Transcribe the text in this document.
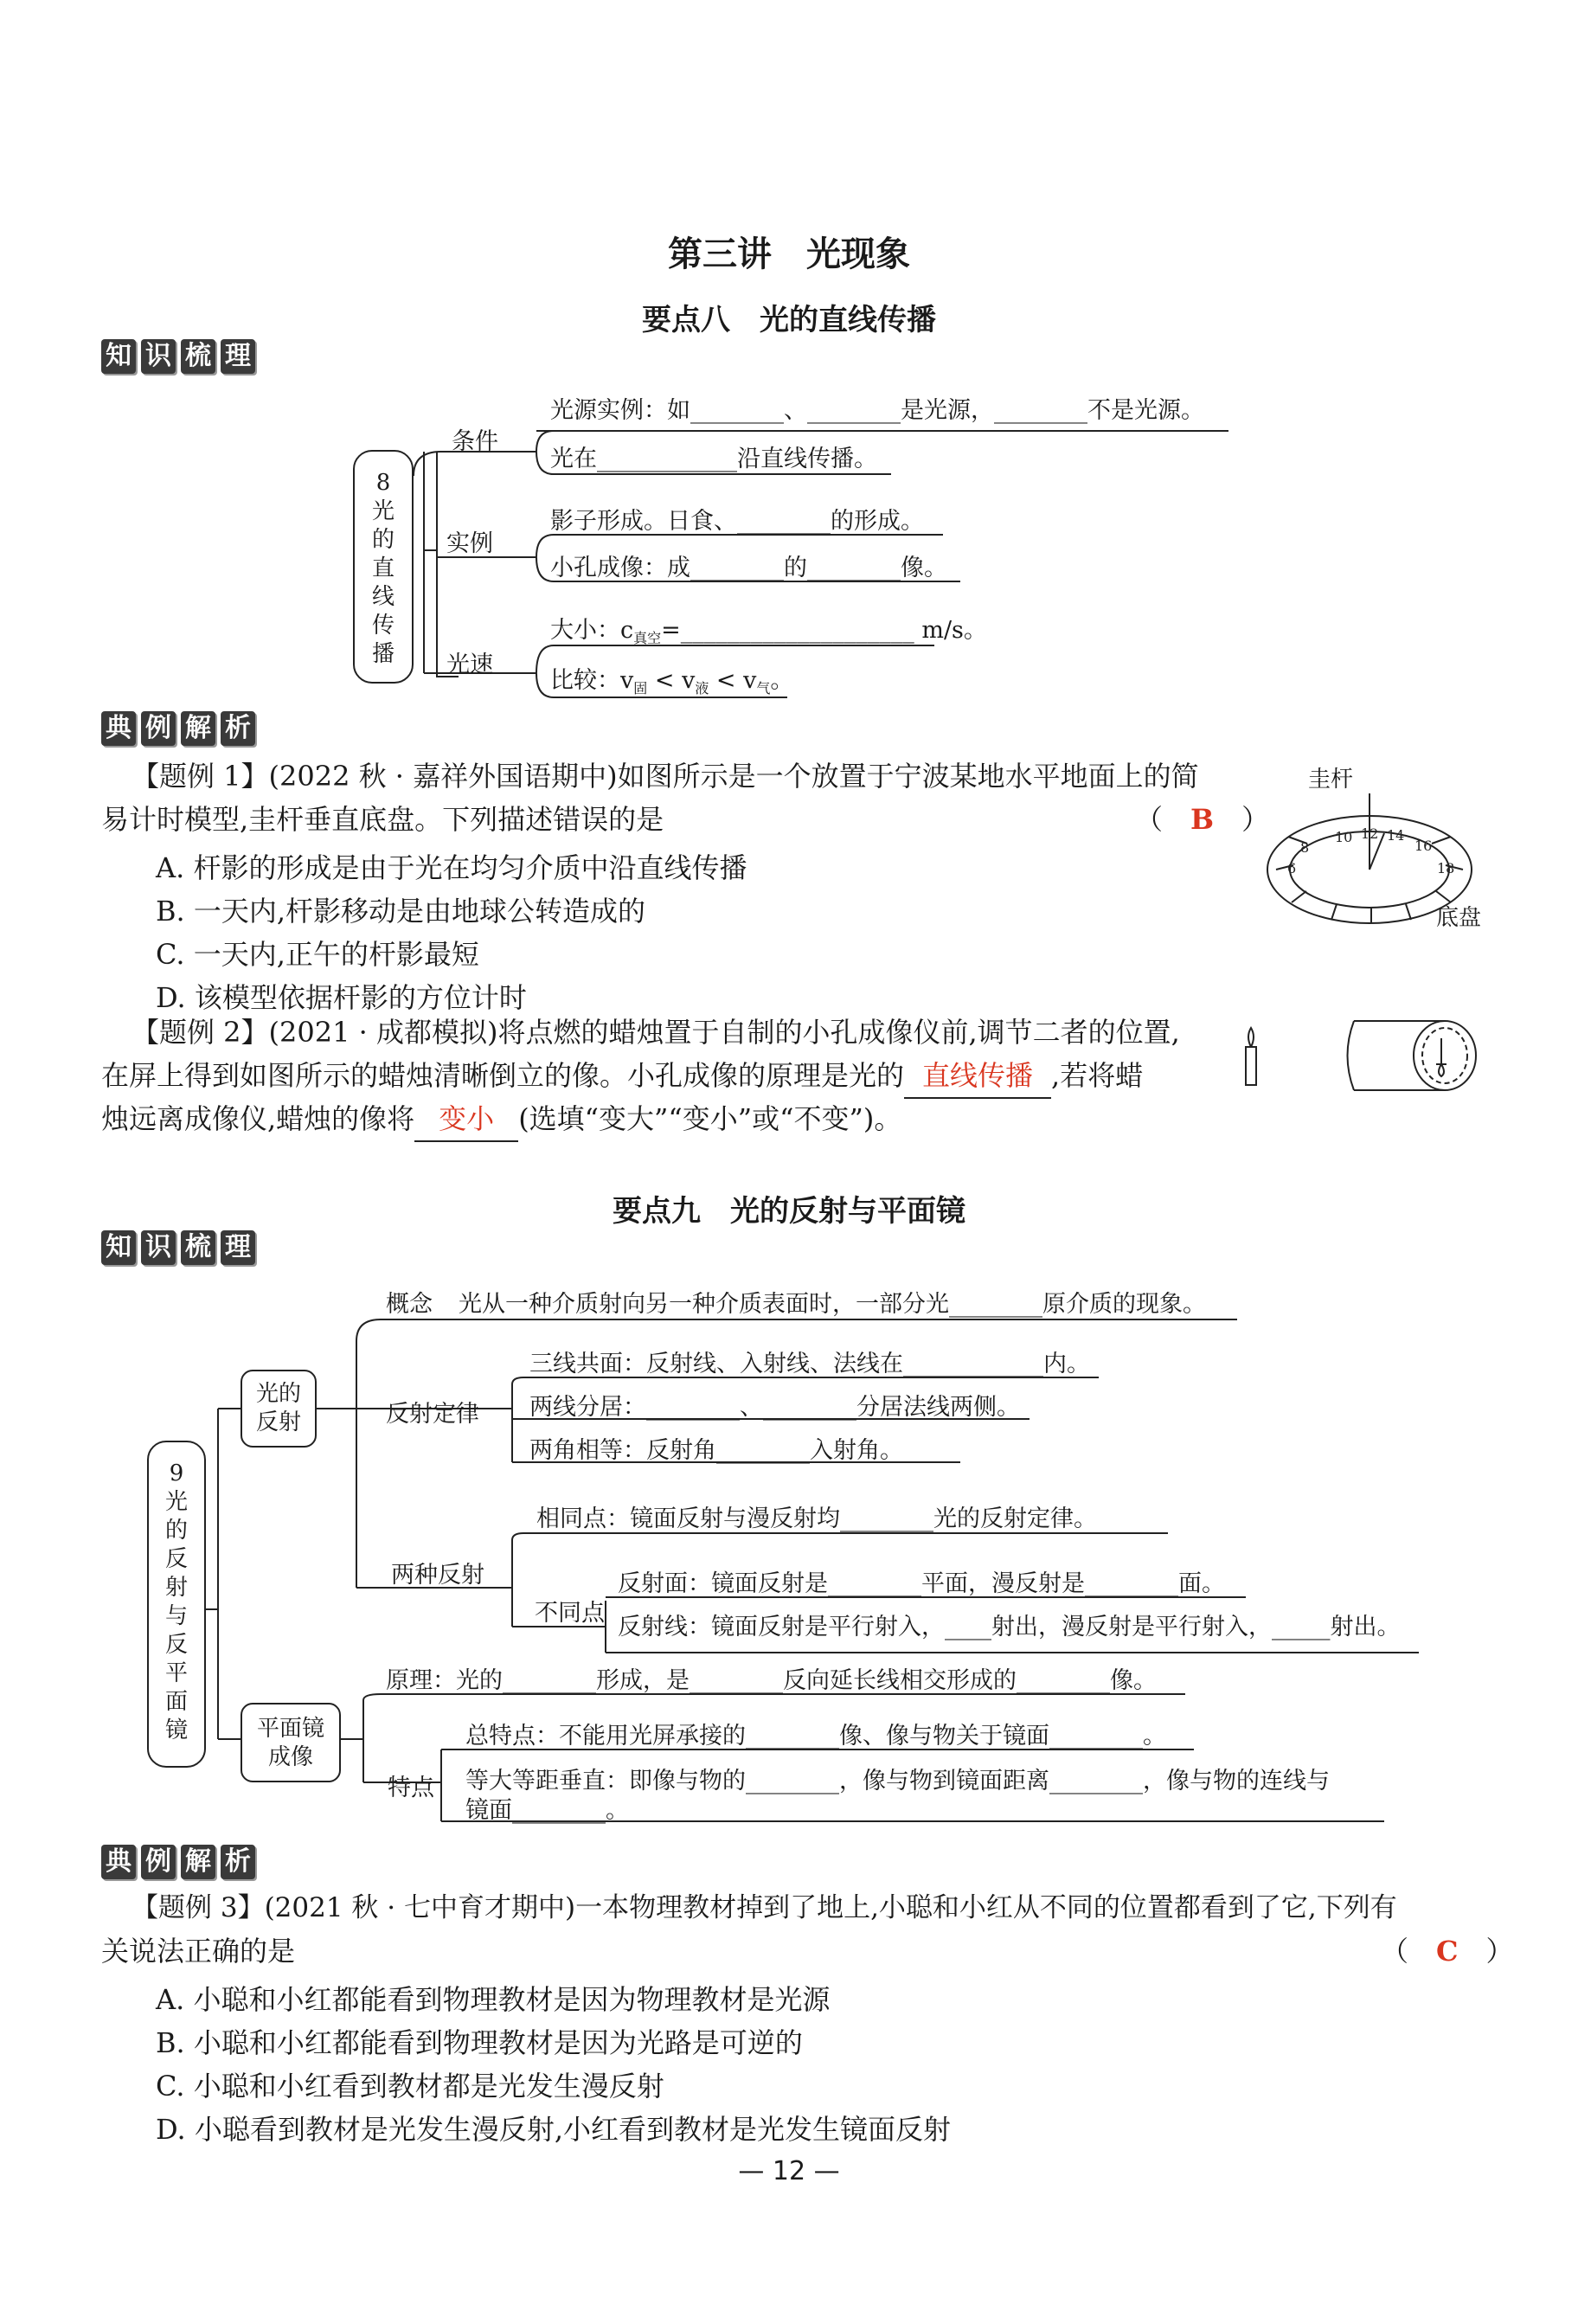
第三讲　光现象
要点八　光的直线传播
知 识 梳 理
8
光
的
直
线
传
播
条件
光源实例：如________、________是光源，________不是光源。
光在____________沿直线传播。
实例
影子形成。日食、________的形成。
小孔成像：成________的________像。
光速
大小：$c_{真空}=\_\_\_\_\_\_\_\_\_\_\_\_\_\_\_\_\_\_\_\_$ m/s。
比较：$v_固 < v_液 < v_气$。
典 例 解 析
【题例 1】(2022 秋 · 嘉祥外国语期中)如图所示是一个放置于宁波某地水平地面上的简
易计时模型,圭杆垂直底盘。下列描述错误的是	（　B　）
A. 杆影的形成是由于光在均匀介质中沿直线传播
B. 一天内,杆影移动是由地球公转造成的
C. 一天内,正午的杆影最短
D. 该模型依据杆影的方位计时
圭杆
底盘
6
8
10 12 14
16
18
【题例 2】(2021 · 成都模拟)将点燃的蜡烛置于自制的小孔成像仪前,调节二者的位置,
在屏上得到如图所示的蜡烛清晰倒立的像。小孔成像的原理是光的 直线传播 ,若将蜡
烛远离成像仪,蜡烛的像将 变小 (选填“变大”“变小”或“不变”)。
要点九　光的反射与平面镜
知 识 梳 理
9
光
的
反
射
与
反
平
面
镜
光的
反射
平面镜
成像
概念 光从一种介质射向另一种介质表面时，一部分光________原介质的现象。
反射定律
三线共面：反射线、入射线、法线在____________内。
两线分居：________、________分居法线两侧。
两角相等：反射角________入射角。
两种反射
相同点：镜面反射与漫反射均________光的反射定律。
不同点
反射面：镜面反射是________平面，漫反射是________面。
反射线：镜面反射是平行射入，____射出，漫反射是平行射入，_____射出。
原理：光的________形成，是________反向延长线相交形成的________像。
特点
总特点：不能用光屏承接的________像、像与物关于镜面________。
等大等距垂直：即像与物的________，像与物到镜面距离________，像与物的连线与
镜面________。
典 例 解 析
【题例 3】(2021 秋 · 七中育才期中)一本物理教材掉到了地上,小聪和小红从不同的位置都看到了它,下列有
关说法正确的是	（　C　）
A. 小聪和小红都能看到物理教材是因为物理教材是光源
B. 小聪和小红都能看到物理教材是因为光路是可逆的
C. 小聪和小红看到教材都是光发生漫反射
D. 小聪看到教材是光发生漫反射,小红看到教材是光发生镜面反射
— 12 —
